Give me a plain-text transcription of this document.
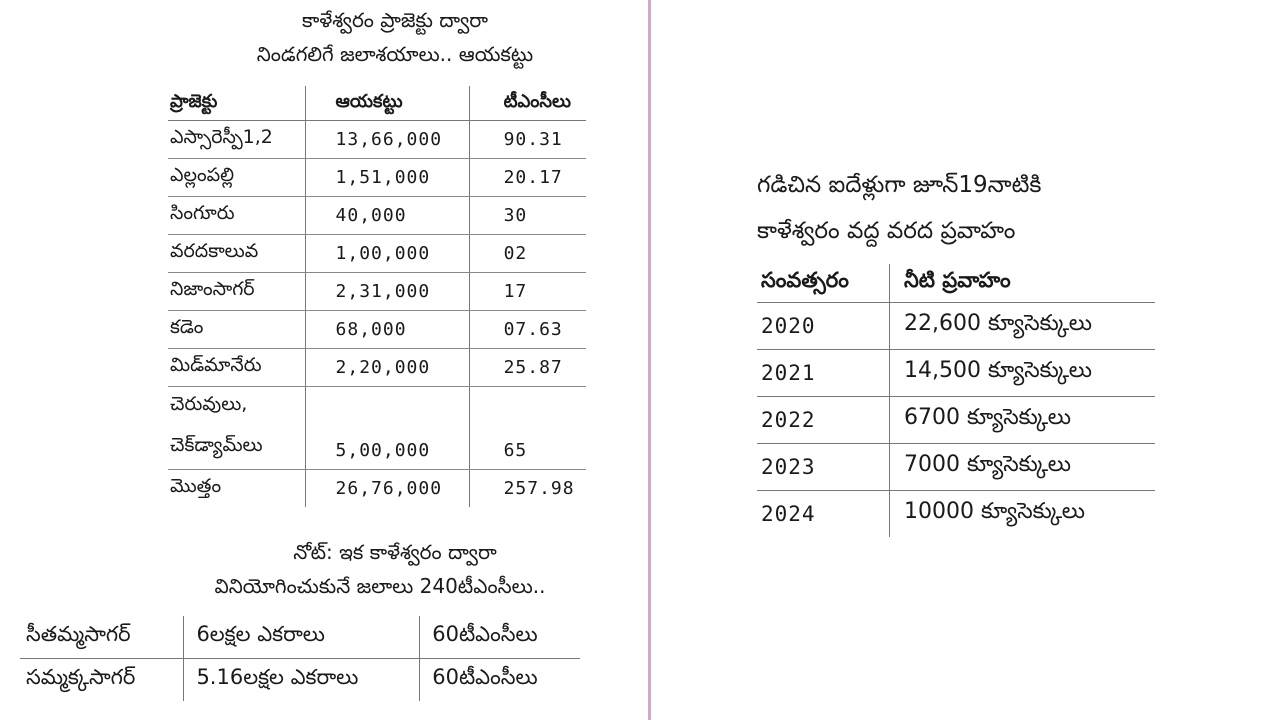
కాళేశ్వరం ప్రాజెక్టు ద్వారా
నిండగలిగే జలాశయాలు.. ఆయకట్టు
ప్రాజెక్టు	ఆయకట్టు	టీఎంసీలు
ఎస్సారెస్పీ1,2	13,66,000	90.31
ఎల్లంపల్లి	1,51,000	20.17
సింగూరు	40,000	30
వరదకాలువ	1,00,000	02
నిజాంసాగర్	2,31,000	17
కడెం	68,000	07.63
మిడ్‌మానేరు	2,20,000	25.87

చెరువులు,
చెక్‌డ్యామ్‌లు	5,00,000	65
మొత్తం	26,76,000	257.98
నోట్: ఇక కాళేశ్వరం ద్వారా
వినియోగించుకునే జలాలు 240టీఎంసీలు..
సీతమ్మసాగర్	6లక్షల ఎకరాలు	60టీఎంసీలు
సమ్మక్కసాగర్	5.16లక్షల ఎకరాలు	60టీఎంసీలు
గడిచిన ఐదేళ్లుగా జూన్19నాటికి
కాళేశ్వరం వద్ద వరద ప్రవాహం
సంవత్సరం	నీటి ప్రవాహం
2020	22,600 క్యూసెక్కులు
2021	14,500 క్యూసెక్కులు
2022	6700 క్యూసెక్కులు
2023	7000 క్యూసెక్కులు
2024	10000 క్యూసెక్కులు
